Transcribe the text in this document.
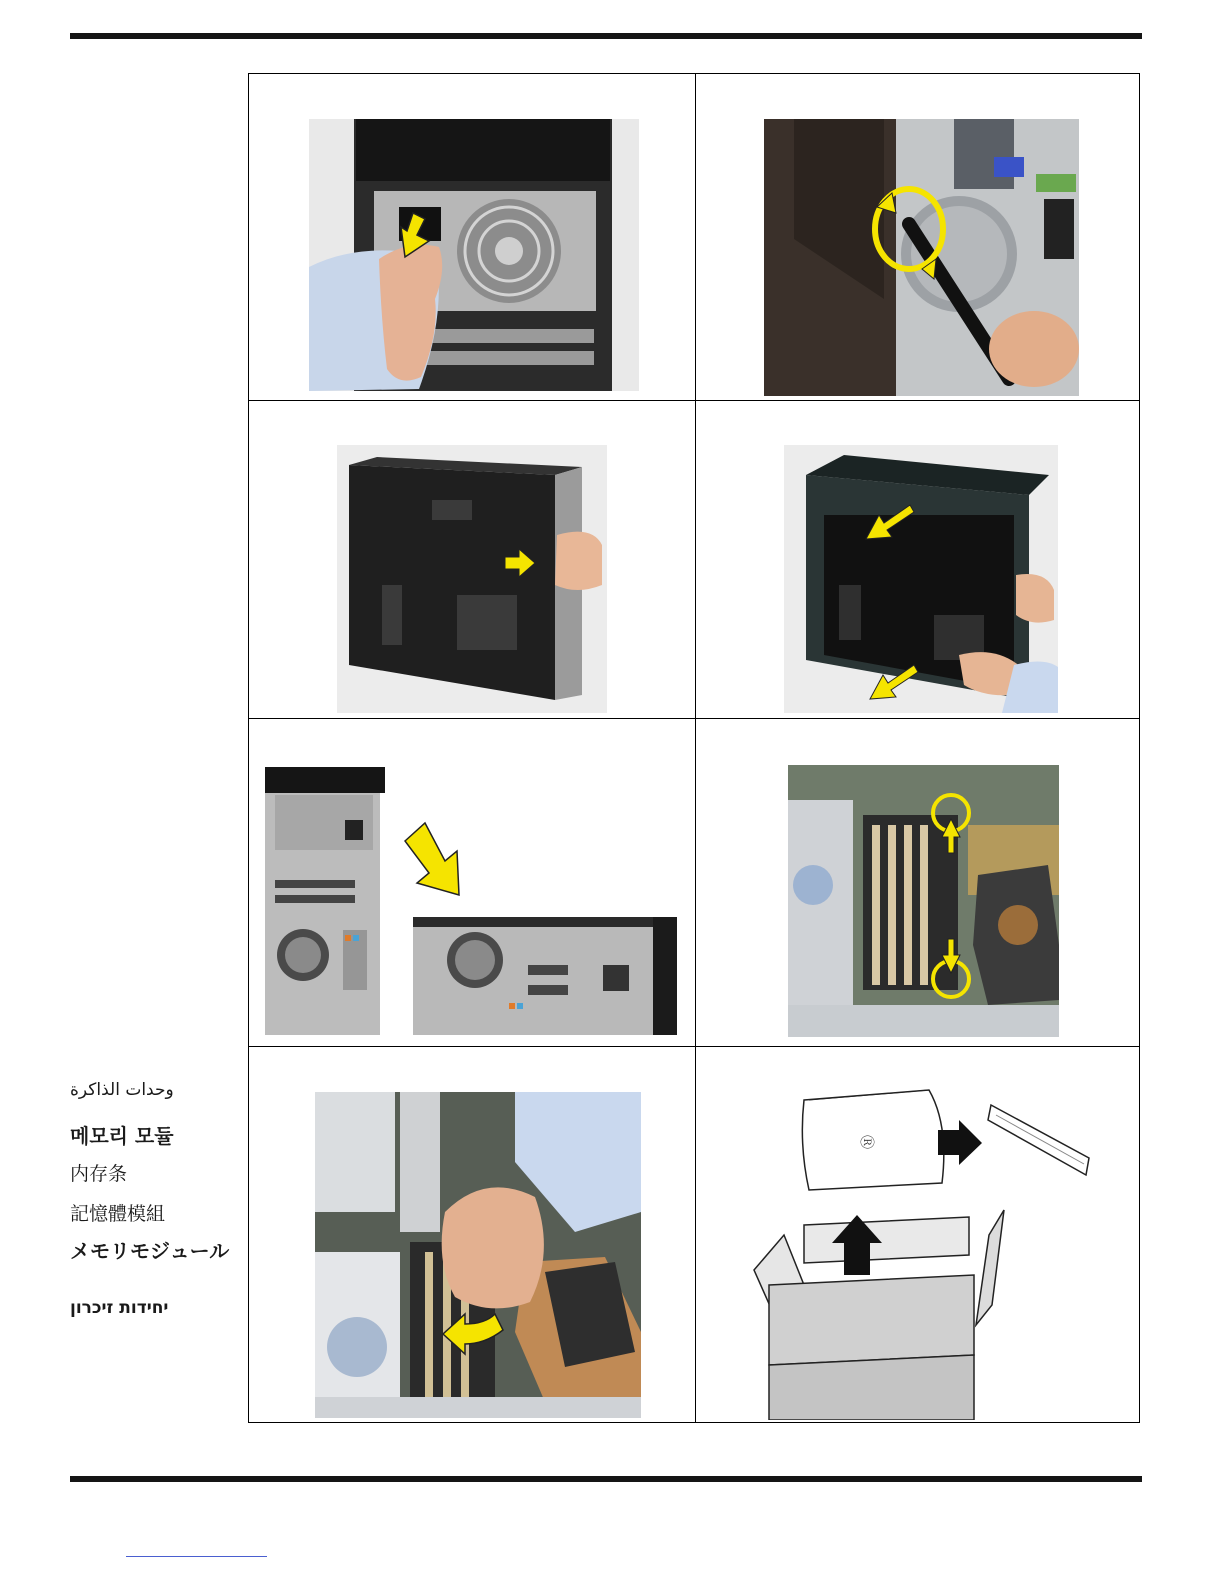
وحدات الذاكرة
메모리 모듈
内存条
記憶體模組
メモリモジュール
יחידות זיכרון
Ⓡ
